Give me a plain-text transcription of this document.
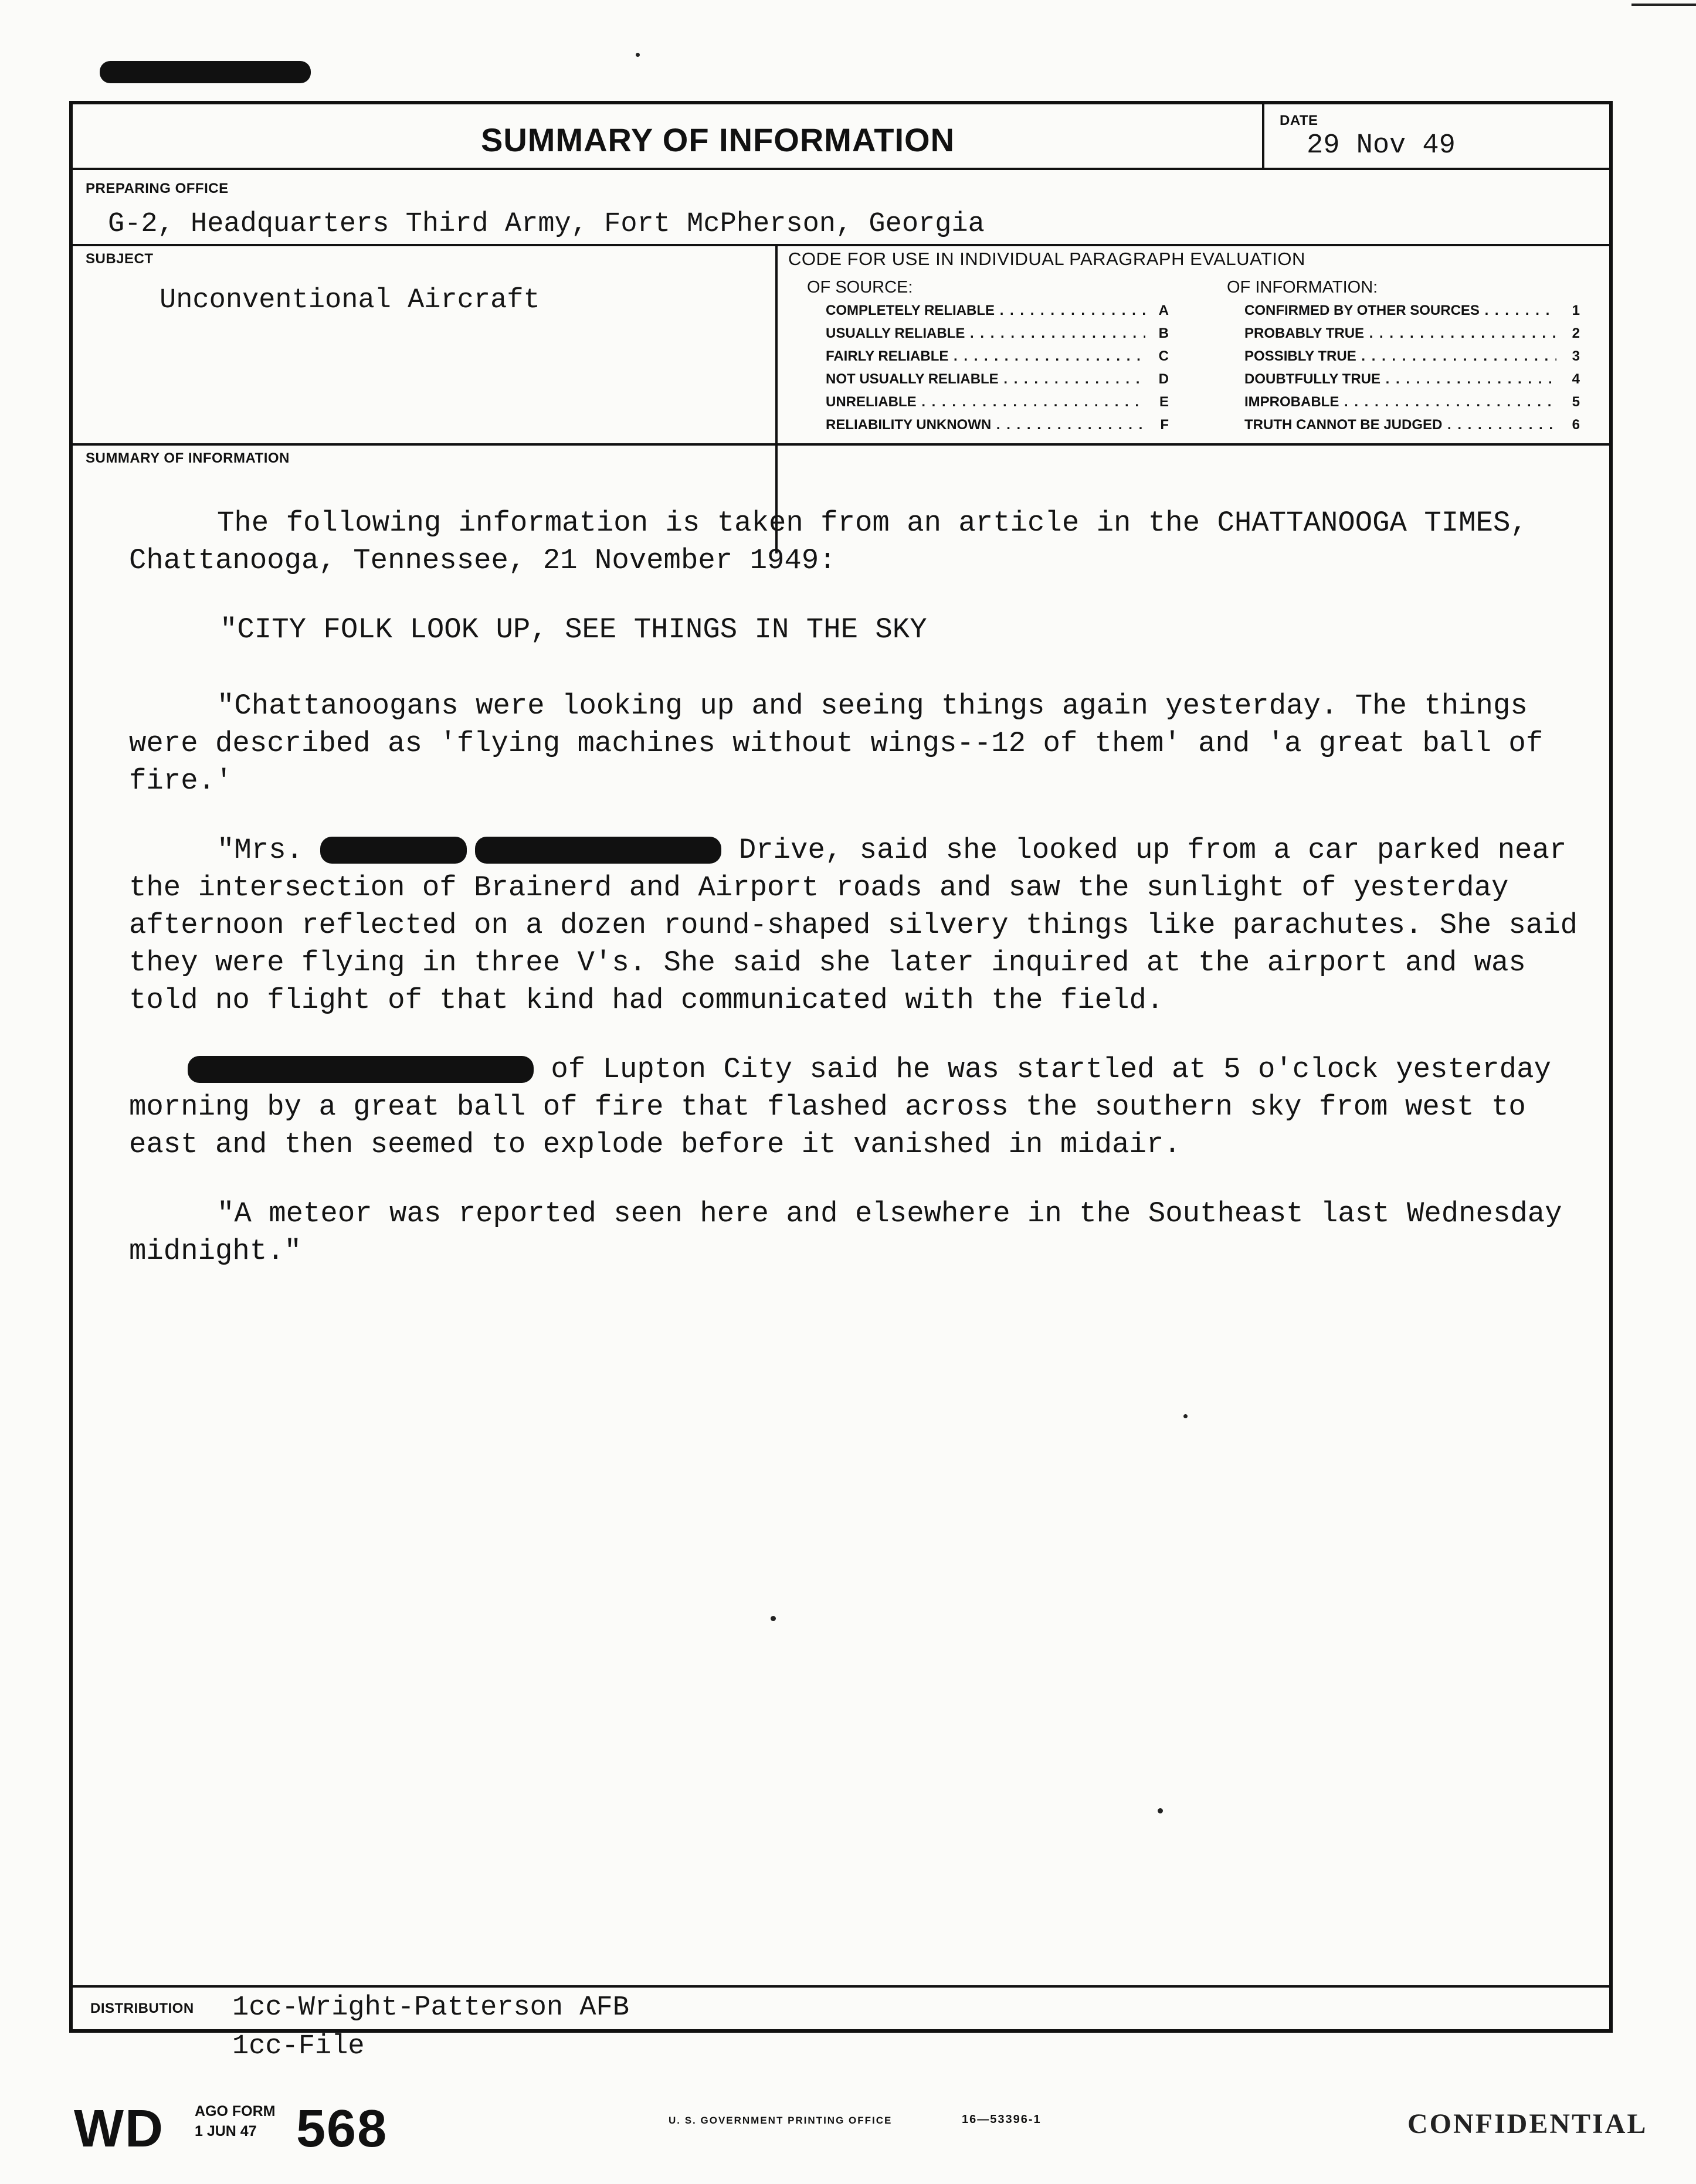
SUMMARY OF INFORMATION
DATE
29 Nov 49
PREPARING OFFICE
G-2, Headquarters Third Army, Fort McPherson, Georgia
SUBJECT
Unconventional Aircraft
CODE FOR USE IN INDIVIDUAL PARAGRAPH EVALUATION
OF SOURCE:	OF INFORMATION:
COMPLETELY RELIABLE . . .	A
USUALLY RELIABLE . . .	B
FAIRLY RELIABLE . . .	C
NOT USUALLY RELIABLE . . .	D
UNRELIABLE . . .	E
RELIABILITY UNKNOWN . . .	F
CONFIRMED BY OTHER SOURCES . . .	1
PROBABLY TRUE . . .	2
POSSIBLY TRUE . . .	3
DOUBTFULLY TRUE . . .	4
IMPROBABLE . . .	5
TRUTH CANNOT BE JUDGED . . .	6
SUMMARY OF INFORMATION
DISTRIBUTION 1cc-Wright-Patterson AFB
1cc-File

The following information is taken from an article in the CHATTANOOGA TIMES, Chattanooga, Tennessee, 21 November 1949:

"CITY FOLK LOOK UP, SEE THINGS IN THE SKY

"Chattanoogans were looking up and seeing things again yesterday. The things were described as 'flying machines without wings--12 of them' and 'a great ball of fire.'

"Mrs.	Drive, said she looked up from a car parked near the intersection of Brainerd and Airport roads and saw the sunlight of yesterday afternoon reflected on a dozen round-shaped silvery things like parachutes. She said they were flying in three V's. She said she later inquired at the airport and was told no flight of that kind had communicated with the field.

of Lupton City said he was startled at 5 o'clock yesterday morning by a great ball of fire that flashed across the southern sky from west to east and then seemed to explode before it vanished in midair.

"A meteor was reported seen here and elsewhere in the Southeast last Wednesday midnight."

WD AGO FORM
1 JUN 47 568	U. S. GOVERNMENT PRINTING OFFICE	16—53396-1	CONFIDENTIAL
